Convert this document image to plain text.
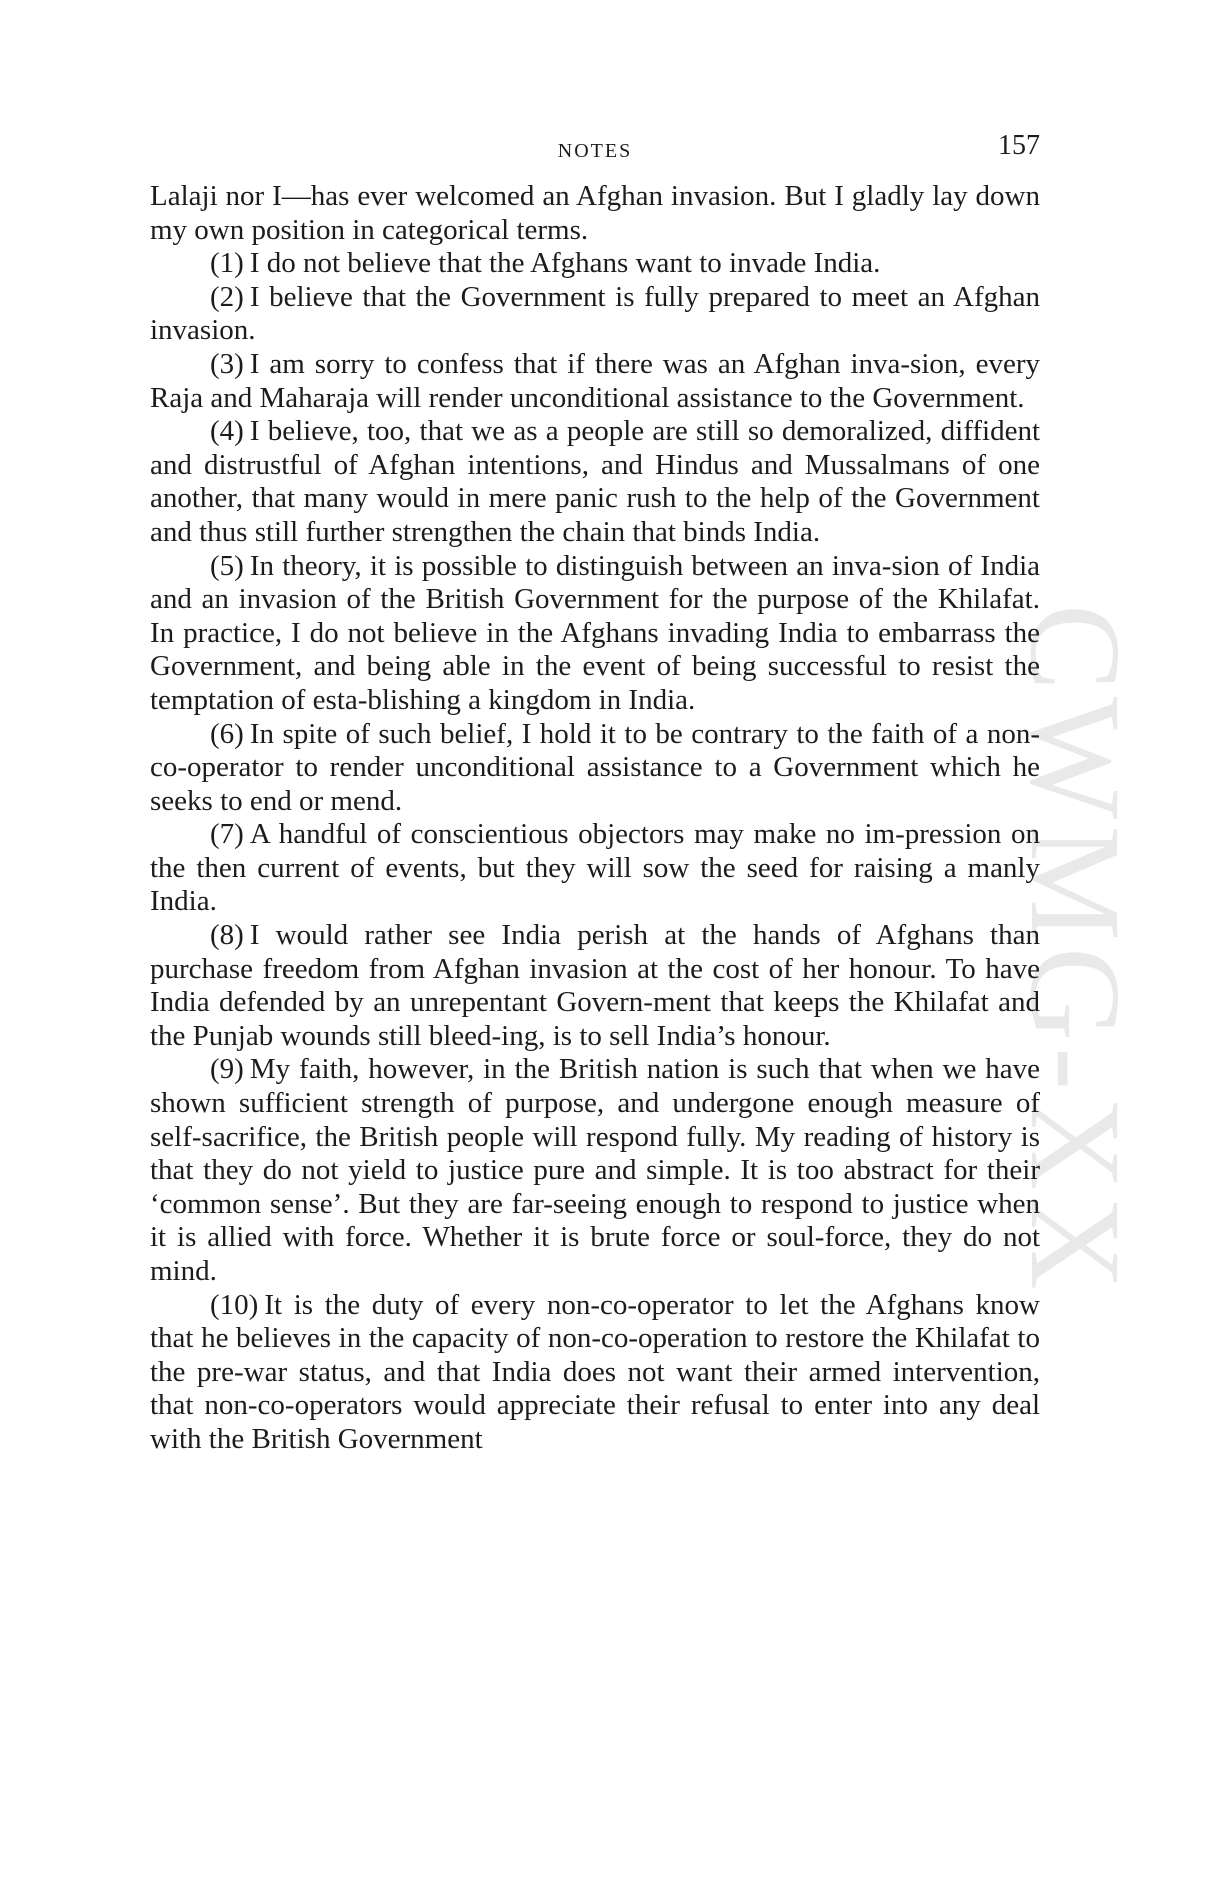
CWMG-XX
NOTES	157

Lalaji nor I—has ever welcomed an Afghan invasion. But I gladly lay down my own position in categorical terms.

(1) I do not believe that the Afghans want to invade India.

(2) I believe that the Government is fully prepared to meet an Afghan invasion.

(3) I am sorry to confess that if there was an Afghan inva-sion, every Raja and Maharaja will render unconditional assistance to the Government.

(4) I believe, too, that we as a people are still so demoralized, diffident and distrustful of Afghan intentions, and Hindus and Mussalmans of one another, that many would in mere panic rush to the help of the Government and thus still further strengthen the chain that binds India.

(5) In theory, it is possible to distinguish between an inva-sion of India and an invasion of the British Government for the purpose of the Khilafat. In practice, I do not believe in the Afghans invading India to embarrass the Government, and being able in the event of being successful to resist the temptation of esta-blishing a kingdom in India.

(6) In spite of such belief, I hold it to be contrary to the faith of a non-co-operator to render unconditional assistance to a Government which he seeks to end or mend.

(7) A handful of conscientious objectors may make no im-pression on the then current of events, but they will sow the seed for raising a manly India.

(8) I would rather see India perish at the hands of Afghans than purchase freedom from Afghan invasion at the cost of her honour. To have India defended by an unrepentant Govern-ment that keeps the Khilafat and the Punjab wounds still bleed-ing, is to sell India’s honour.

(9) My faith, however, in the British nation is such that when we have shown sufficient strength of purpose, and undergone enough measure of self-sacrifice, the British people will respond fully. My reading of history is that they do not yield to justice pure and simple. It is too abstract for their ‘common sense’. But they are far-seeing enough to respond to justice when it is allied with force. Whether it is brute force or soul-force, they do not mind.

(10) It is the duty of every non-co-operator to let the Afghans know that he believes in the capacity of non-co-operation to restore the Khilafat to the pre-war status, and that India does not want their armed intervention, that non-co-operators would appreciate their refusal to enter into any deal with the British Government
